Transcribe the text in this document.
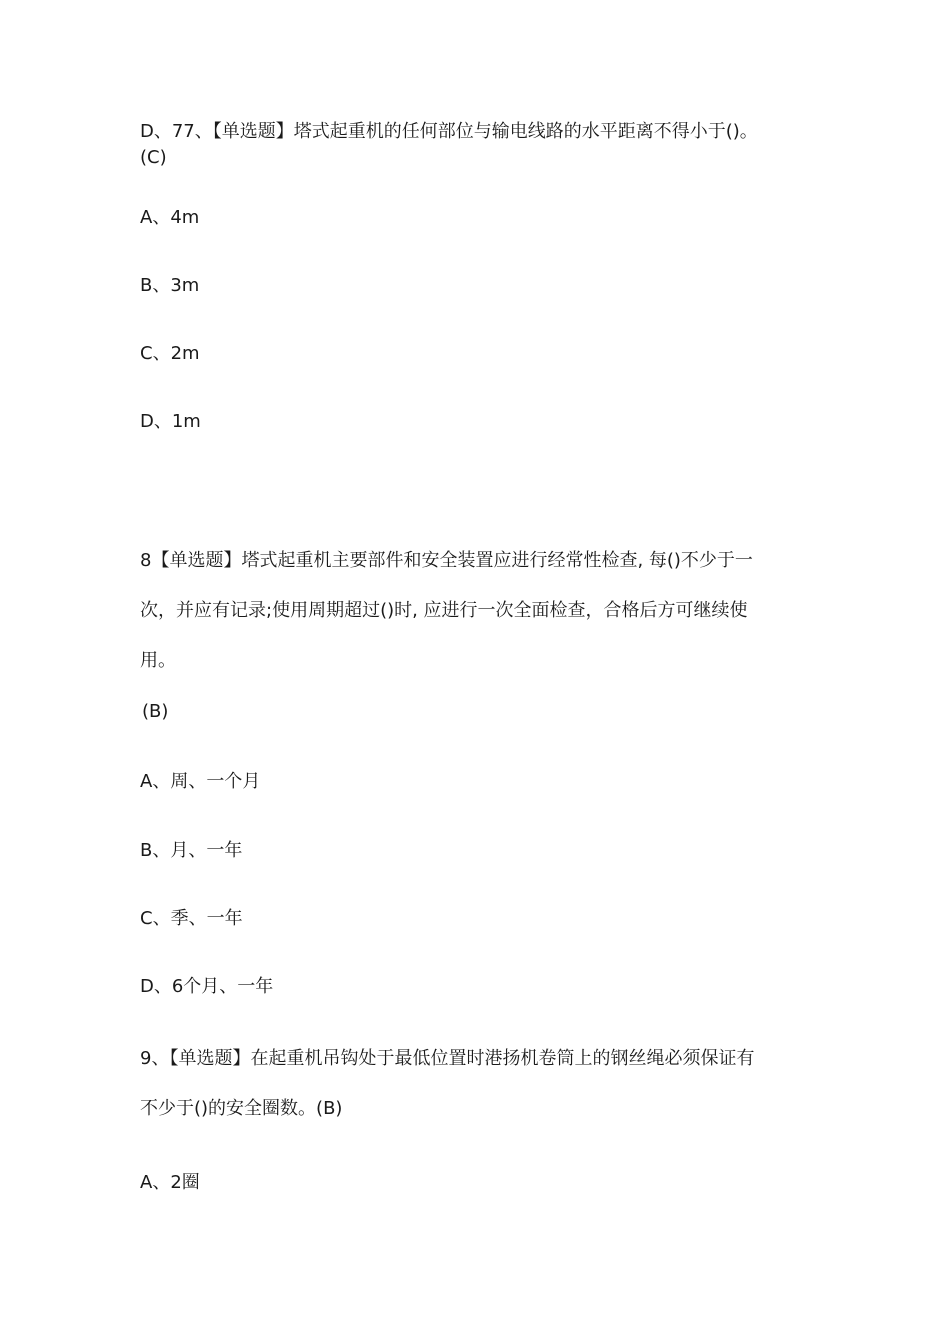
D、77、【单选题】塔式起重机的任何部位与输电线路的水平距离不得小于()。
(C)
A、4m
B、3m
C、2m
D、1m
8【单选题】塔式起重机主要部件和安全装置应进行经常性检查, 每()不少于一
次，并应有记录;使用周期超过()时, 应进行一次全面检查，合格后方可继续使
用。
(B)
A、周、一个月
B、月、一年
C、季、一年
D、6个月、一年
9、【单选题】在起重机吊钩处于最低位置时港扬机卷筒上的钢丝绳必须保证有
不少于()的安全圈数。(B)
A、2圈
